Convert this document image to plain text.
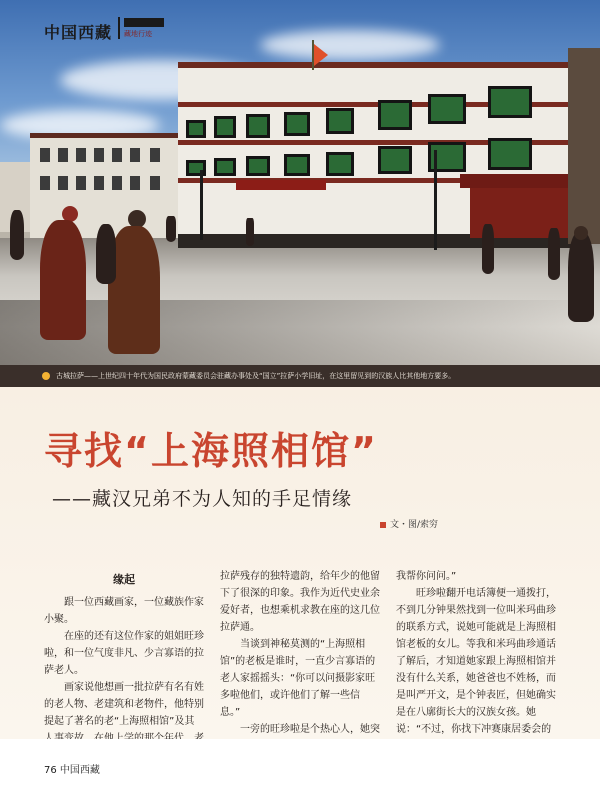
中国西藏 藏地行迹
古城拉萨——上世纪四十年代为国民政府蒙藏委员会驻藏办事处及“国立”拉萨小学旧址，在这里留见到的汉族人比其他地方要多。
寻找“上海照相馆”
——藏汉兄弟不为人知的手足情缘
文・图/索穷

缘起

跟一位西藏画家，一位藏族作家小聚。

在座的还有这位作家的姐姐旺珍啦，和一位气度非凡、少言寡语的拉萨老人。

画家说他想画一批拉萨有名有姓的老人物、老建筑和老物件，他特别提起了著名的老“上海照相馆”及其

拉萨残存的独特遗韵，给年少的他留下了很深的印象。我作为近代史业余爱好者，也想乘机求教在座的这几位拉萨通。

当谈到神秘莫测的“上海照相馆”的老板是谁时，一直少言寡语的老人家摇摇头：“你可以问摄影家旺多啦他们，或许他们了解一些信息。”

一旁的旺珍啦是个热心人，她突

我帮你问问。”

旺珍啦翻开电话簿便一通拨打，不到几分钟果然找到一位叫米玛曲珍的联系方式，说她可能就是上海照相馆老板的女儿。等我和米玛曲珍通话了解后，才知道她家跟上海照相馆并没有什么关系，她爸爸也不姓杨，而是叫严开文，是个钟表匠，但她确实是在八廓街长大的汉族女孩。她说：“不过，你找下冲赛康居委会的

76 中国西藏
